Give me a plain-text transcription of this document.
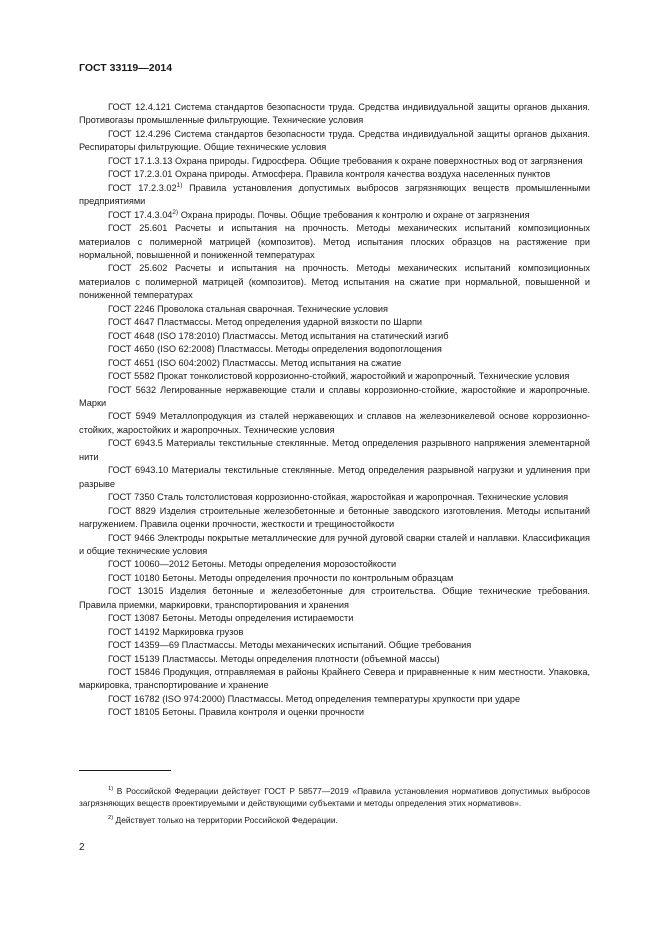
ГОСТ 33119—2014

ГОСТ 12.4.121 Система стандартов безопасности труда. Средства индивидуальной защиты органов дыхания. Противогазы промышленные фильтрующие. Технические условия

ГОСТ 12.4.296 Система стандартов безопасности труда. Средства индивидуальной защиты органов дыхания. Респираторы фильтрующие. Общие технические условия

ГОСТ 17.1.3.13 Охрана природы. Гидросфера. Общие требования к охране поверхностных вод от загрязнения

ГОСТ 17.2.3.01 Охрана природы. Атмосфера. Правила контроля качества воздуха населенных пунктов

ГОСТ 17.2.3.02$^{1)}$ Правила установления допустимых выбросов загрязняющих веществ промышленными предприятиями

ГОСТ 17.4.3.04$^{2)}$ Охрана природы. Почвы. Общие требования к контролю и охране от загрязнения

ГОСТ 25.601 Расчеты и испытания на прочность. Методы механических испытаний композиционных материалов с полимерной матрицей (композитов). Метод испытания плоских образцов на растяжение при нормальной, повышенной и пониженной температурах

ГОСТ 25.602 Расчеты и испытания на прочность. Методы механических испытаний композиционных материалов с полимерной матрицей (композитов). Метод испытания на сжатие при нормальной, повышенной и пониженной температурах

ГОСТ 2246 Проволока стальная сварочная. Технические условия

ГОСТ 4647 Пластмассы. Метод определения ударной вязкости по Шарпи

ГОСТ 4648 (ISO 178:2010) Пластмассы. Метод испытания на статический изгиб

ГОСТ 4650 (ISO 62:2008) Пластмассы. Методы определения водопоглощения

ГОСТ 4651 (ISO 604:2002) Пластмассы. Метод испытания на сжатие

ГОСТ 5582 Прокат тонколистовой коррозионно-стойкий, жаростойкий и жаропрочный. Технические условия

ГОСТ 5632 Легированные нержавеющие стали и сплавы коррозионно-стойкие, жаростойкие и жаропрочные. Марки

ГОСТ 5949 Металлопродукция из сталей нержавеющих и сплавов на железоникелевой основе коррозионно-стойких, жаростойких и жаропрочных. Технические условия

ГОСТ 6943.5 Материалы текстильные стеклянные. Метод определения разрывного напряжения элементарной нити

ГОСТ 6943.10 Материалы текстильные стеклянные. Метод определения разрывной нагрузки и удлинения при разрыве

ГОСТ 7350 Сталь толстолистовая коррозионно-стойкая, жаростойкая и жаропрочная. Технические условия

ГОСТ 8829 Изделия строительные железобетонные и бетонные заводского изготовления. Методы испытаний нагружением. Правила оценки прочности, жесткости и трещиностойкости

ГОСТ 9466 Электроды покрытые металлические для ручной дуговой сварки сталей и наплавки. Классификация и общие технические условия

ГОСТ 10060—2012 Бетоны. Методы определения морозостойкости

ГОСТ 10180 Бетоны. Методы определения прочности по контрольным образцам

ГОСТ 13015 Изделия бетонные и железобетонные для строительства. Общие технические требования. Правила приемки, маркировки, транспортирования и хранения

ГОСТ 13087 Бетоны. Методы определения истираемости

ГОСТ 14192 Маркировка грузов

ГОСТ 14359—69 Пластмассы. Методы механических испытаний. Общие требования

ГОСТ 15139 Пластмассы. Методы определения плотности (объемной массы)

ГОСТ 15846 Продукция, отправляемая в районы Крайнего Севера и приравненные к ним местности. Упаковка, маркировка, транспортирование и хранение

ГОСТ 16782 (ISO 974:2000) Пластмассы. Метод определения температуры хрупкости при ударе

ГОСТ 18105 Бетоны. Правила контроля и оценки прочности

$^{1)}$ В Российской Федерации действует ГОСТ Р 58577—2019 «Правила установления нормативов допустимых выбросов загрязняющих веществ проектируемыми и действующими субъектами и методы определения этих нормативов».

$^{2)}$ Действует только на территории Российской Федерации.

2
